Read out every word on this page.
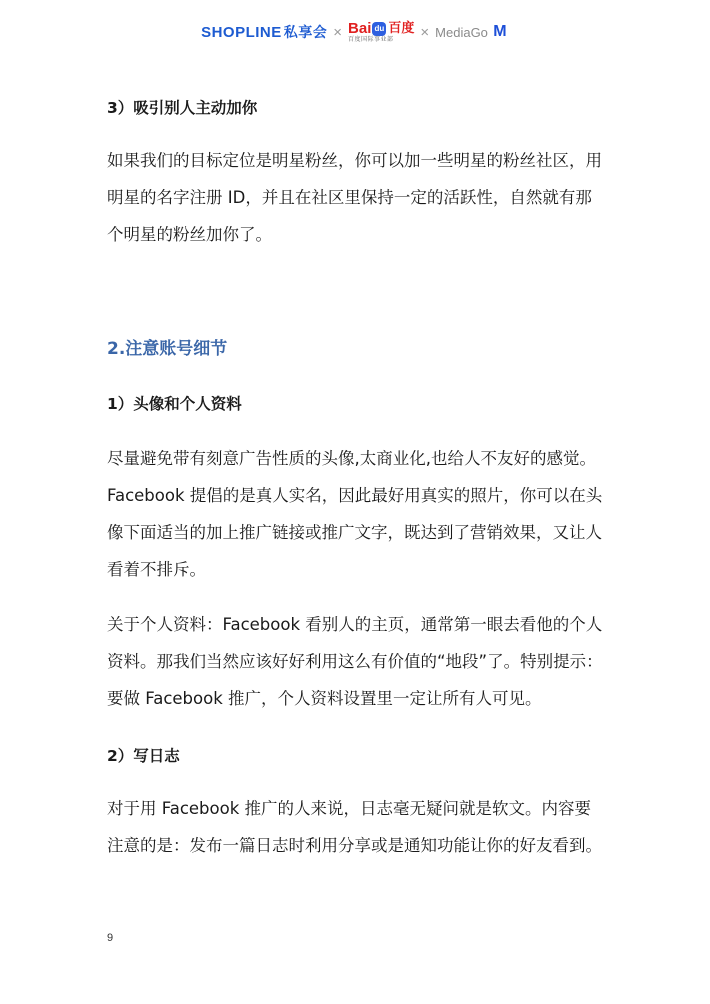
SHOPLINE 私享会 × Bai du 百度
百度国际事业部 × MediaGo M
3）吸引别人主动加你
如果我们的目标定位是明星粉丝，你可以加一些明星的粉丝社区，用
明星的名字注册 ID，并且在社区里保持一定的活跃性，自然就有那
个明星的粉丝加你了。
2.注意账号细节
1）头像和个人资料
尽量避免带有刻意广告性质的头像,太商业化,也给人不友好的感觉。
Facebook 提倡的是真人实名，因此最好用真实的照片，你可以在头
像下面适当的加上推广链接或推广文字，既达到了营销效果，又让人
看着不排斥。
关于个人资料：Facebook 看别人的主页，通常第一眼去看他的个人
资料。那我们当然应该好好利用这么有价值的“地段”了。特别提示：
要做 Facebook 推广，个人资料设置里一定让所有人可见。
2）写日志
对于用 Facebook 推广的人来说，日志毫无疑问就是软文。内容要
注意的是：发布一篇日志时利用分享或是通知功能让你的好友看到。
9
